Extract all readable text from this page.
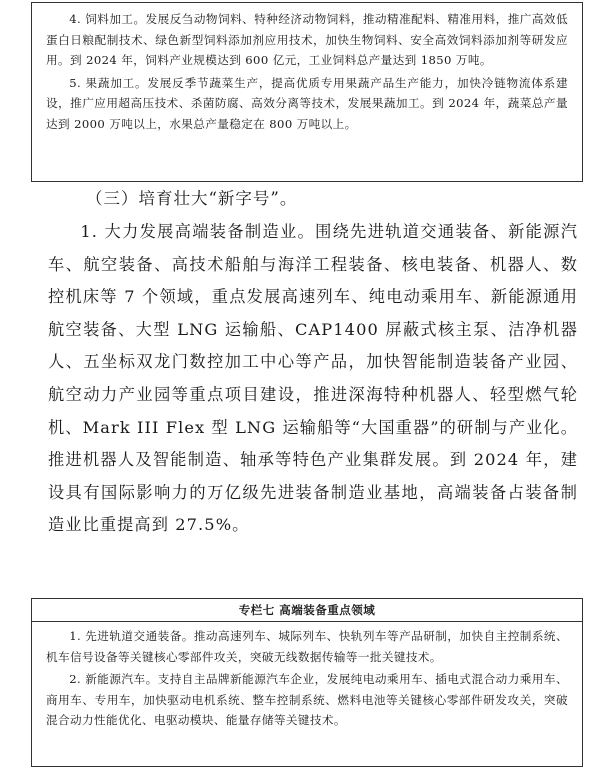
4. 饲料加工。发展反刍动物饲料、特种经济动物饲料，推动精准配料、精准用料，推广高效低蛋白日粮配制技术、绿色新型饲料添加剂应用技术，加快生物饲料、安全高效饲料添加剂等研发应用。到 2024 年，饲料产业规模达到 600 亿元，工业饲料总产量达到 1850 万吨。

5. 果蔬加工。发展反季节蔬菜生产，提高优质专用果蔬产品生产能力，加快冷链物流体系建设，推广应用超高压技术、杀菌防腐、高效分离等技术，发展果蔬加工。到 2024 年，蔬菜总产量达到 2000 万吨以上，水果总产量稳定在 800 万吨以上。

（三）培育壮大“新字号”。

1. 大力发展高端装备制造业。围绕先进轨道交通装备、新能源汽车、航空装备、高技术船舶与海洋工程装备、核电装备、机器人、数控机床等 7 个领域，重点发展高速列车、纯电动乘用车、新能源通用航空装备、大型 LNG 运输船、CAP1400 屏蔽式核主泵、洁净机器人、五坐标双龙门数控加工中心等产品，加快智能制造装备产业园、航空动力产业园等重点项目建设，推进深海特种机器人、轻型燃气轮机、Mark III Flex 型 LNG 运输船等“大国重器”的研制与产业化。推进机器人及智能制造、轴承等特色产业集群发展。到 2024 年，建设具有国际影响力的万亿级先进装备制造业基地，高端装备占装备制造业比重提高到 27.5%。

专栏七 高端装备重点领域

1. 先进轨道交通装备。推动高速列车、城际列车、快轨列车等产品研制，加快自主控制系统、机车信号设备等关键核心零部件攻关，突破无线数据传输等一批关键技术。

2. 新能源汽车。支持自主品牌新能源汽车企业，发展纯电动乘用车、插电式混合动力乘用车、商用车、专用车，加快驱动电机系统、整车控制系统、燃料电池等关键核心零部件研发攻关，突破混合动力性能优化、电驱动模块、能量存储等关键技术。
